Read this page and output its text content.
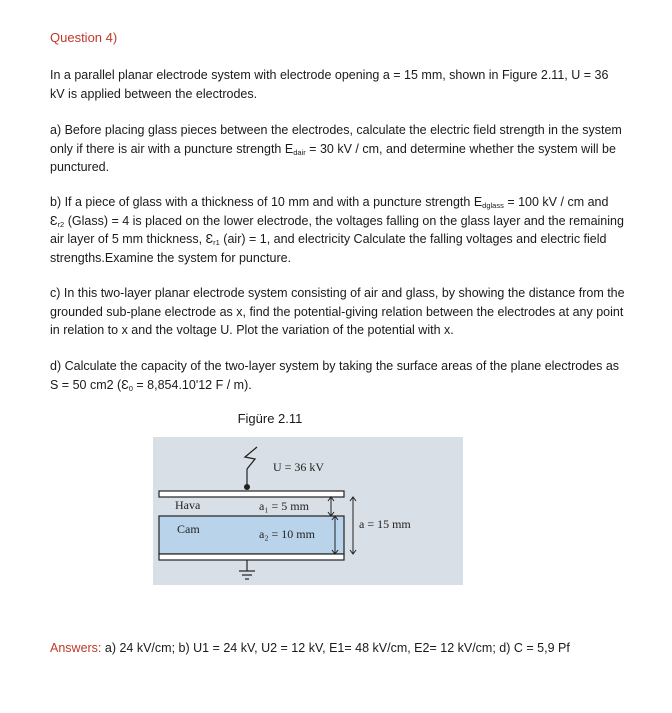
Question 4)
In a parallel planar electrode system with electrode opening a = 15 mm, shown in Figure 2.11, U = 36 kV is applied between the electrodes.
a) Before placing glass pieces between the electrodes, calculate the electric field strength in the system only if there is air with a puncture strength $E_{dair} = 30$ kV / cm, and determine whether the system will be punctured.
b) If a piece of glass with a thickness of 10 mm and with a puncture strength $E_{dglass} = 100$ kV / cm and $Ɛ_{r2}$ (Glass) = 4 is placed on the lower electrode, the voltages falling on the glass layer and the remaining air layer of 5 mm thickness, $Ɛ_{r1}$ (air) = 1, and electricity Calculate the falling voltages and electric field strengths.Examine the system for puncture.
c) In this two-layer planar electrode system consisting of air and glass, by showing the distance from the grounded sub-plane electrode as x, find the potential-giving relation between the electrodes at any point in relation to x and the voltage U. Plot the variation of the potential with x.
d) Calculate the capacity of the two-layer system by taking the surface areas of the plane electrodes as S = 50 cm2 ($Ɛ_0 = 8,854.10'12$ F / m).
Figüre 2.11
U = 36 kV
Hava
Cam
a₁ = 5 mm
a₂ = 10 mm
a = 15 mm
Answers: a) 24 kV/cm; b) U1 = 24 kV, U2 = 12 kV, E1= 48 kV/cm, E2= 12 kV/cm; d) C = 5,9 Pf
